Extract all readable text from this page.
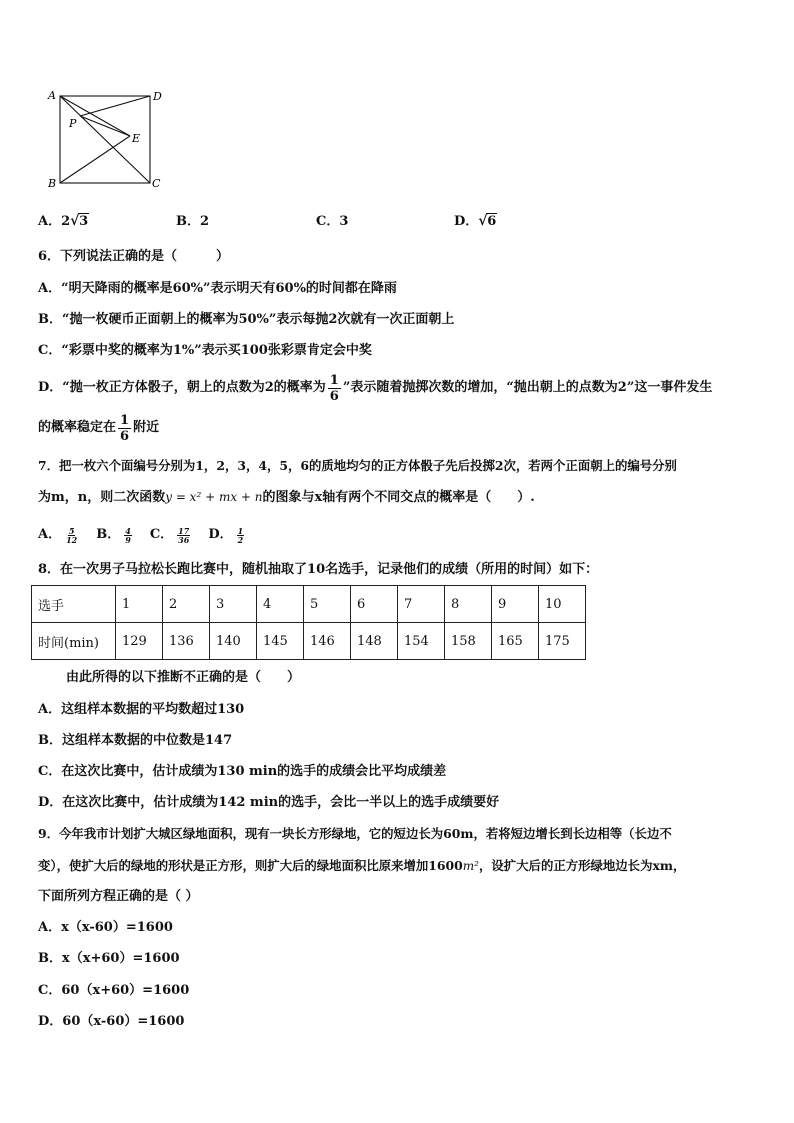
A	D
B	C
P
E
A．2 √ 3	B．2	C．3	D． √ 6
6．下列说法正确的是（　　　）
A．“明天降雨的概率是60%”表示明天有60%的时间都在降雨
B．“抛一枚硬币正面朝上的概率为50%”表示每抛2次就有一次正面朝上
C．“彩票中奖的概率为1%”表示买100张彩票肯定会中奖
D．“抛一枚正方体骰子，朝上的点数为2的概率为 $\frac{1}{6}$ ”表示随着抛掷次数的增加，“抛出朝上的点数为2”这一事件发生
的概率稳定在 $\frac{1}{6}$ 附近
7．把一枚六个面编号分别为1，2，3，4，5，6的质地均匀的正方体骰子先后投掷2次，若两个正面朝上的编号分别
为m，n，则二次函数y = x² + mx + n的图象与x轴有两个不同交点的概率是（　　）.
A． $\frac{5}{12}$ B． $\frac{4}{9}$ C． $\frac{17}{36}$ D． $\frac{1}{2}$
8．在一次男子马拉松长跑比赛中，随机抽取了10名选手，记录他们的成绩（所用的时间）如下：
选手	1	2	3	4	5	6	7	8	9	10
时间(min)	129	136	140	145	146	148	154	158	165	175
由此所得的以下推断不正确的是（　　）
A．这组样本数据的平均数超过130
B．这组样本数据的中位数是147
C．在这次比赛中，估计成绩为130 min的选手的成绩会比平均成绩差
D．在这次比赛中，估计成绩为142 min的选手，会比一半以上的选手成绩要好
9．今年我市计划扩大城区绿地面积，现有一块长方形绿地，它的短边长为60m，若将短边增长到长边相等（长边不
变），使扩大后的绿地的形状是正方形，则扩大后的绿地面积比原来增加1600m²，设扩大后的正方形绿地边长为xm，
下面所列方程正确的是（ ）
A．x（x-60）=1600
B．x（x+60）=1600
C．60（x+60）=1600
D．60（x-60）=1600
